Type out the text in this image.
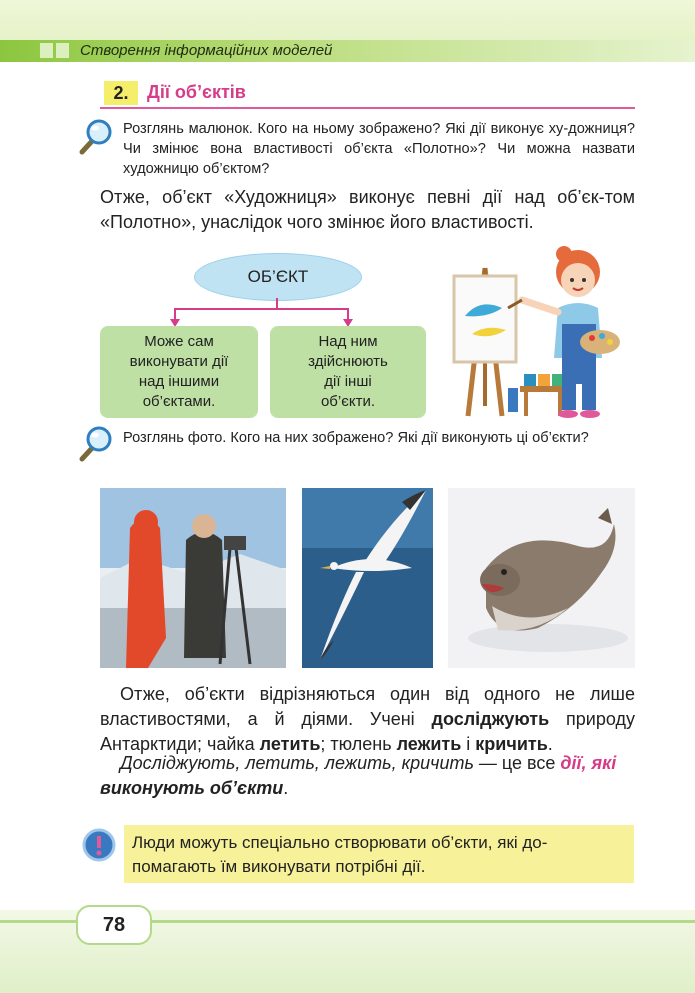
Створення інформаційних моделей
2.	Дії об’єктів
Розглянь малюнок. Кого на ньому зображено? Які дії виконує ху-дожниця? Чи змінює вона властивості об’єкта «Полотно»? Чи можна назвати художницю об’єктом?
Отже, об’єкт «Художниця» виконує певні дії над об’єк-том «Полотно», унаслідок чого змінює його властивості.
ОБ’ЄКТ
Може сам виконувати дії над іншими об’єктами.
Над ним здійснюють дії інші об’єкти.
Розглянь фото. Кого на них зображено? Які дії виконують ці об’єкти?
Отже, об’єкти відрізняються один від одного не лише властивостями, а й діями. Учені досліджують природу Антарктиди; чайка летить; тюлень лежить і кричить.
Досліджують, летить, лежить, кричить — це все дії, які
виконують об’єкти.
Люди можуть спеціально створювати об’єкти, які до-помагають їм виконувати потрібні дії.
78
